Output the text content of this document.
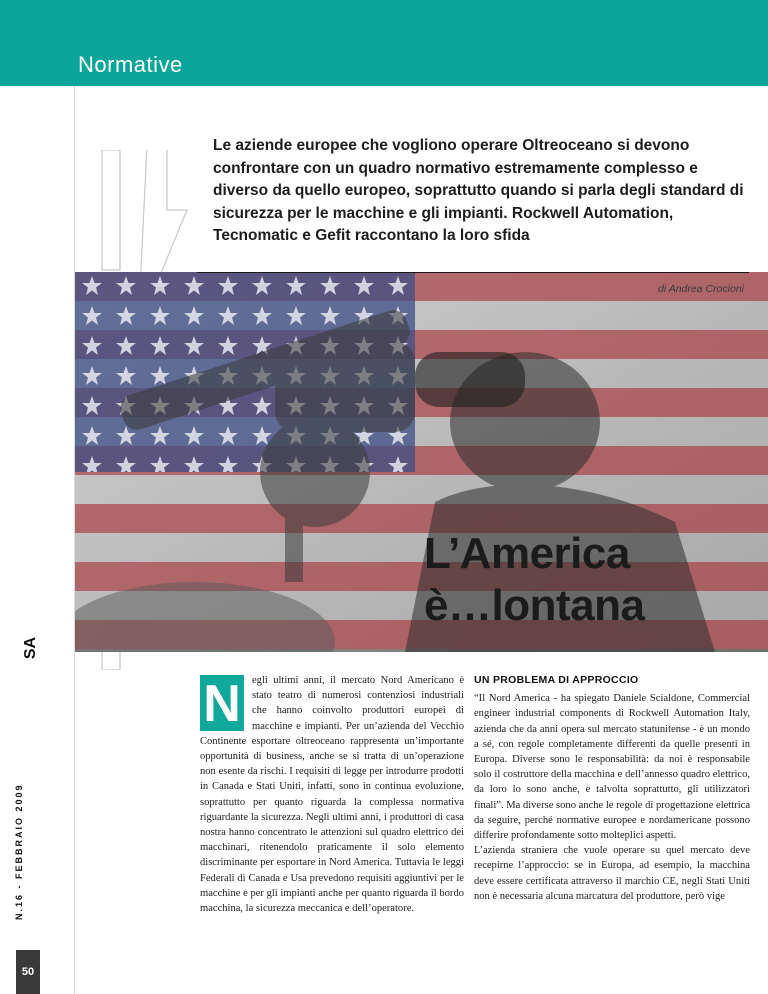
Normative
SA
N.16 - FEBBRAIO 2009
50
Le aziende europee che vogliono operare Oltreoceano si devono confrontare con un quadro normativo estremamente complesso e diverso da quello europeo, soprattutto quando si parla degli standard di sicurezza per le macchine e gli impianti. Rockwell Automation, Tecnomatic e Gefit raccontano la loro sfida
di Andrea Crocioni
L’America
è…lontana
N	egli ultimi anni, il mercato Nord Americano è stato teatro di numerosi contenziosi industriali che hanno coinvolto produttori europei di macchine e impianti. Per un’azienda del Vecchio Continente esportare oltreoceano rappresenta un’importante opportunità di business, anche se si tratta di un’operazione non esente da rischi. I requisiti di legge per introdurre prodotti in Canada e Stati Uniti, infatti, sono in continua evoluzione, soprattutto per quanto riguarda la complessa normativa riguardante la sicurezza. Negli ultimi anni, i produttori di casa nostra hanno concentrato le attenzioni sul quadro elettrico dei macchinari, ritenendolo praticamente il solo elemento discriminante per esportare in Nord America. Tuttavia le leggi Federali di Canada e Usa prevedono requisiti aggiuntivi per le macchine e per gli impianti anche per quanto riguarda il bordo macchina, la sicurezza meccanica e dell’operatore.

UN PROBLEMA DI APPROCCIO

“Il Nord America - ha spiegato Daniele Scialdone, Commercial engineer industrial components di Rockwell Automation Italy, azienda che da anni opera sul mercato statunitense - è un mondo a sé, con regole completamente differenti da quelle presenti in Europa. Diverse sono le responsabilità: da noi è responsabile solo il costruttore della macchina e dell’annesso quadro elettrico, da loro lo sono anche, e talvolta soprattutto, gli utilizzatori finali”. Ma diverse sono anche le regole di progettazione elettrica da seguire, perché normative europee e nordamericane possono differire profondamente sotto molteplici aspetti.

L’azienda straniera che vuole operare su quel mercato deve recepirne l’approccio: se in Europa, ad esempio, la macchina deve essere certificata attraverso il marchio CE, negli Stati Uniti non è necessaria alcuna marcatura del produttore, però vige
